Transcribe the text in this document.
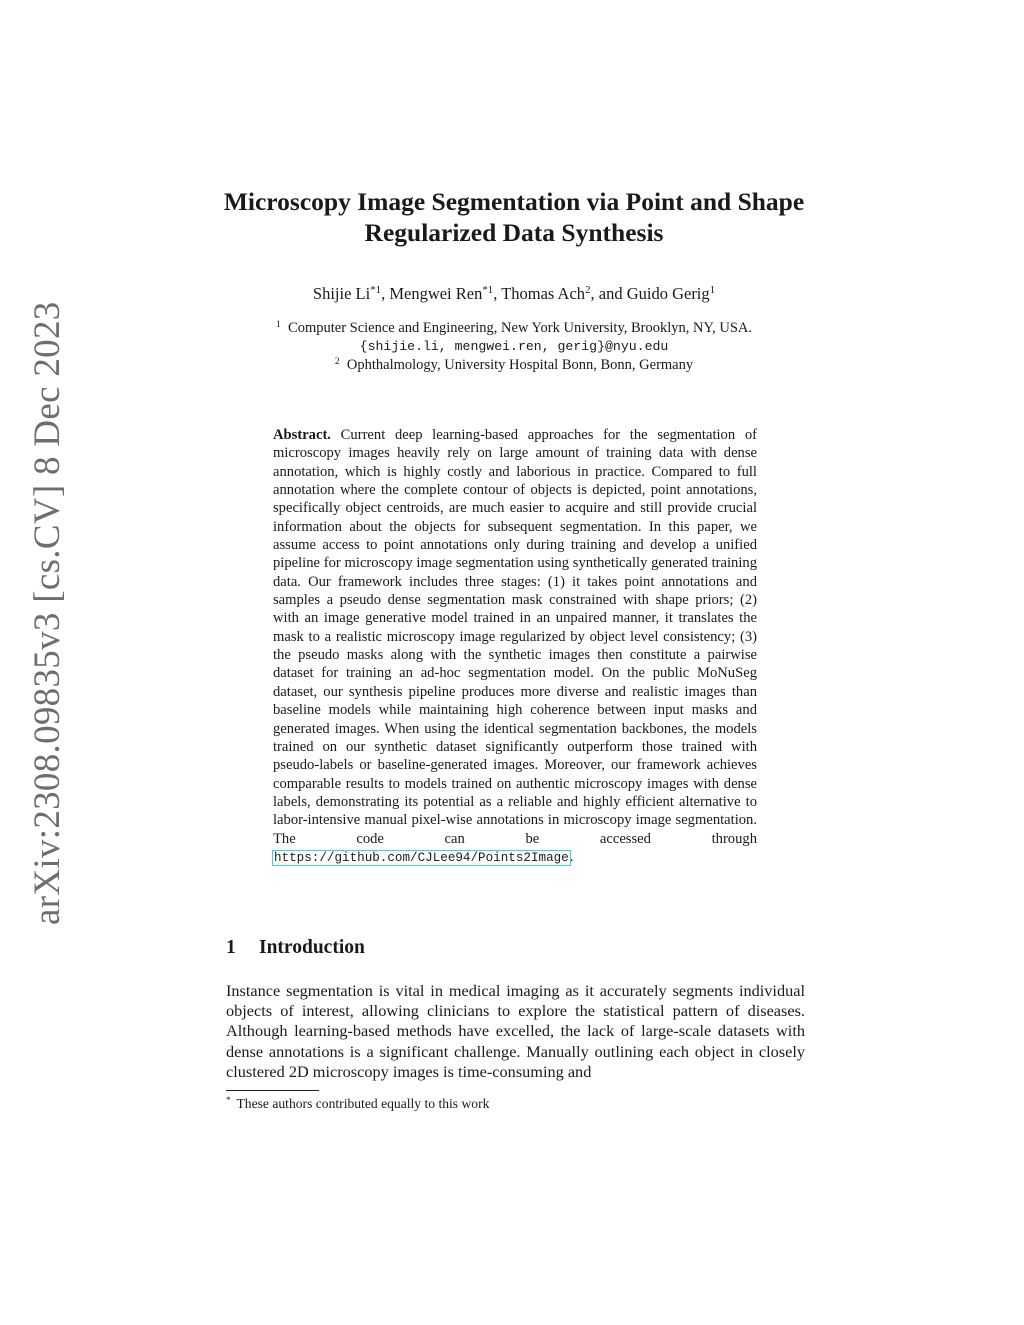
arXiv:2308.09835v3 [cs.CV] 8 Dec 2023
Microscopy Image Segmentation via Point and Shape Regularized Data Synthesis
Shijie Li$^{*1}$, Mengwei Ren$^{*1}$, Thomas Ach$^2$, and Guido Gerig$^1$
$^1$ Computer Science and Engineering, New York University, Brooklyn, NY, USA.
{shijie.li, mengwei.ren, gerig}@nyu.edu
$^2$ Ophthalmology, University Hospital Bonn, Bonn, Germany
Abstract. Current deep learning-based approaches for the segmentation of microscopy images heavily rely on large amount of training data with dense annotation, which is highly costly and laborious in practice. Compared to full annotation where the complete contour of objects is depicted, point annotations, specifically object centroids, are much easier to acquire and still provide crucial information about the objects for subsequent segmentation. In this paper, we assume access to point annotations only during training and develop a unified pipeline for microscopy image segmentation using synthetically generated training data. Our framework includes three stages: (1) it takes point annotations and samples a pseudo dense segmentation mask constrained with shape priors; (2) with an image generative model trained in an unpaired manner, it translates the mask to a realistic microscopy image regularized by object level consistency; (3) the pseudo masks along with the synthetic images then constitute a pairwise dataset for training an ad-hoc segmentation model. On the public MoNuSeg dataset, our synthesis pipeline produces more diverse and realistic images than baseline models while maintaining high coherence between input masks and generated images. When using the identical segmentation backbones, the models trained on our synthetic dataset significantly outperform those trained with pseudo-labels or baseline-generated images. Moreover, our framework achieves comparable results to models trained on authentic microscopy images with dense labels, demonstrating its potential as a reliable and highly efficient alternative to labor-intensive manual pixel-wise annotations in microscopy image segmentation. The code can be accessed through https://github.com/CJLee94/Points2Image.
1 Introduction
Instance segmentation is vital in medical imaging as it accurately segments individual objects of interest, allowing clinicians to explore the statistical pattern of diseases. Although learning-based methods have excelled, the lack of large-scale datasets with dense annotations is a significant challenge. Manually outlining each object in closely clustered 2D microscopy images is time-consuming and
* These authors contributed equally to this work
